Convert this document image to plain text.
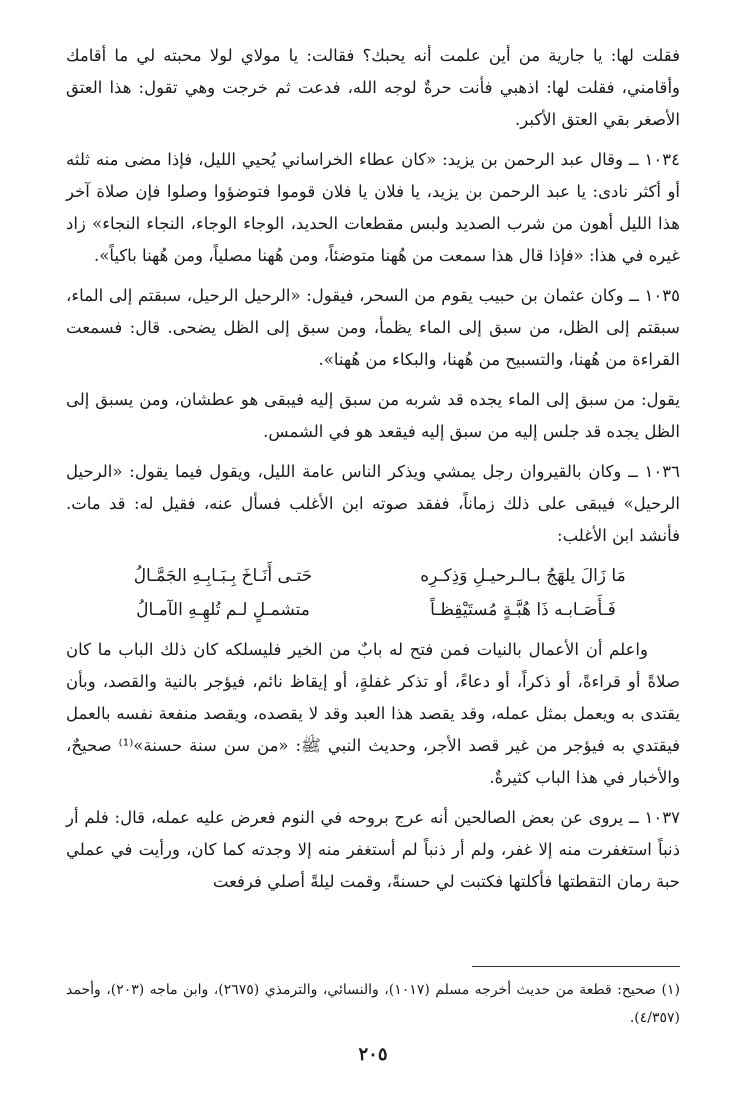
فقلت لها: يا جارية من أين علمت أنه يحبك؟ فقالت: يا مولاي لولا محبته لي ما أقامك وأقامني، فقلت لها: اذهبي فأنت حرةٌ لوجه الله، فدعت ثم خرجت وهي تقول: هذا العتق الأصغر بقي العتق الأكبر.

١٠٣٤ ــ وقال عبد الرحمن بن يزيد: «كان عطاء الخراساني يُحيي الليل، فإذا مضى منه ثلثه أو أكثر نادى: يا عبد الرحمن بن يزيد، يا فلان يا فلان قوموا فتوضؤوا وصلوا فإن صلاة آخر هذا الليل أهون من شرب الصديد ولبس مقطعات الحديد، الوجاء الوجاء، النجاء النجاء» زاد غيره في هذا: «فإذا قال هذا سمعت من هُهنا متوضئاً، ومن هُهنا مصلياً، ومن هُهنا باكياً».

١٠٣٥ ــ وكان عثمان بن حبيب يقوم من السحر، فيقول: «الرحيل الرحيل، سبقتم إلى الماء، سبقتم إلى الظل، من سبق إلى الماء يظمأ، ومن سبق إلى الظل يضحى. قال: فسمعت القراءة من هُهنا، والتسبيح من هُهنا، والبكاء من هُهنا».

يقول: من سبق إلى الماء يجده قد شربه من سبق إليه فيبقى هو عطشان، ومن يسبق إلى الظل يجده قد جلس إليه من سبق إليه فيقعد هو في الشمس.

١٠٣٦ ــ وكان بالقيروان رجل يمشي ويذكر الناس عامة الليل، ويقول فيما يقول: «الرحيل الرحيل» فيبقى على ذلك زماناً، ففقد صوته ابن الأغلب فسأل عنه، فقيل له: قد مات. فأنشد ابن الأغلب:

مَا زَالَ يلهَجُ بـالـرحيـلِ وَذِكـرِه
حَتـى أَنَـاخَ بِـبَـابِـهِ الجَمَّـالُ
فَـأَصَـابـه ذَا هُبَّـةٍ مُستَيْقِظـاً
متشمـلٍ لـم تُلهِـهِ الآمـالُ

واعلم أن الأعمال بالنيات فمن فتح له بابٌ من الخير فليسلكه كان ذلك الباب ما كان صلاةً أو قراءةً، أو ذكراً، أو دعاءً، أو تذكر غفلةٍ، أو إيقاظ نائم، فيؤجر بالنية والقصد، وبأن يقتدى به ويعمل بمثل عمله، وقد يقصد هذا العبد وقد لا يقصده، ويقصد منفعة نفسه بالعمل فيقتدي به فيؤجر من غير قصد الأجر، وحديث النبي ﷺ: «من سن سنة حسنة»⁽¹⁾ صحيحٌ، والأخبار في هذا الباب كثيرةٌ.

١٠٣٧ ــ يروى عن بعض الصالحين أنه عرج بروحه في النوم فعرض عليه عمله، قال: فلم أر ذنباً استغفرت منه إلا غفر، ولم أر ذنباً لم أستغفر منه إلا وجدته كما كان، ورأيت في عملي حبة رمان التقطتها فأكلتها فكتبت لي حسنةً، وقمت ليلةً أصلي فرفعت

(١) صحيح: قطعة من حديث أخرجه مسلم (١٠١٧)، والنسائي، والترمذي (٢٦٧٥)، وابن ماجه (٢٠٣)، وأحمد (٤/٣٥٧).
٢٠٥
